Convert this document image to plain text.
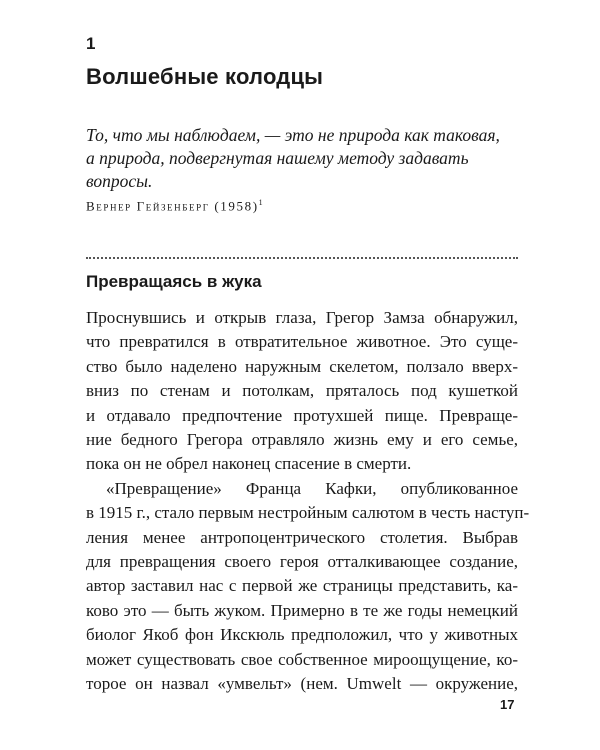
1
Волшебные колодцы

То, что мы наблюдаем, — это не природа как таковая,
а природа, подвергнутая нашему методу задавать
вопросы.

Вернер Гейзенберг $(1958)^1$
Превращаясь в жука
Проснувшись и открыв глаза, Грегор Замза обнаружил,
что превратился в отвратительное животное. Это суще-
ство было наделено наружным скелетом, ползало вверх-
вниз по стенам и потолкам, пряталось под кушеткой
и отдавало предпочтение протухшей пище. Превраще-
ние бедного Грегора отравляло жизнь ему и его семье,
пока он не обрел наконец спасение в смерти.
«Превращение» Франца Кафки, опубликованное
в 1915 г., стало первым нестройным салютом в честь наступ-
ления менее антропоцентрического столетия. Выбрав
для превращения своего героя отталкивающее создание,
автор заставил нас с первой же страницы представить, ка-
ково это — быть жуком. Примерно в те же годы немецкий
биолог Якоб фон Икскюль предположил, что у животных
может существовать свое собственное мироощущение, ко-
торое он назвал «умвельт» (нем. Umwelt — окружение,
17
